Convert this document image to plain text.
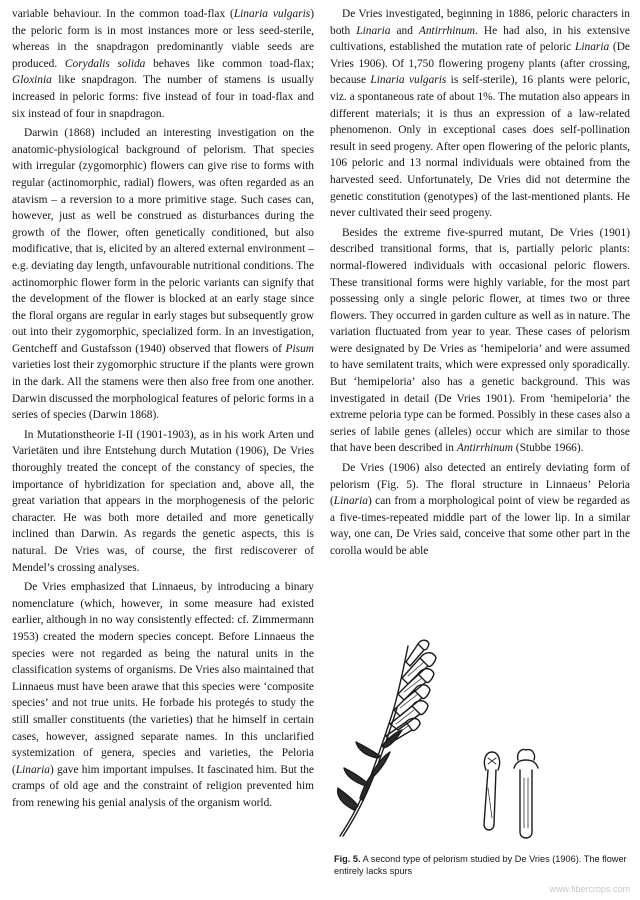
variable behaviour. In the common toad-flax (Linaria vulgaris) the peloric form is in most instances more or less seed-sterile, whereas in the snapdragon predominantly viable seeds are produced. Corydalis solida behaves like common toad-flax; Gloxinia like snapdragon. The number of stamens is usually increased in peloric forms: five instead of four in toad-flax and six instead of four in snapdragon.

Darwin (1868) included an interesting investigation on the anatomic-physiological background of pelorism. That species with irregular (zygomorphic) flowers can give rise to forms with regular (actinomorphic, radial) flowers, was often regarded as an atavism – a reversion to a more primitive stage. Such cases can, however, just as well be construed as disturbances during the growth of the flower, often genetically conditioned, but also modificative, that is, elicited by an altered external environment – e.g. deviating day length, unfavourable nutritional conditions. The actinomorphic flower form in the peloric variants can signify that the development of the flower is blocked at an early stage since the floral organs are regular in early stages but subsequently grow out into their zygomorphic, specialized form. In an investigation, Gentcheff and Gustafsson (1940) observed that flowers of Pisum varieties lost their zygomorphic structure if the plants were grown in the dark. All the stamens were then also free from one another. Darwin discussed the morphological features of peloric forms in a series of species (Darwin 1868).

In Mutationstheorie I-II (1901-1903), as in his work Arten und Varietäten und ihre Entstehung durch Mutation (1906), De Vries thoroughly treated the concept of the constancy of species, the importance of hybridization for speciation and, above all, the great variation that appears in the morphogenesis of the peloric character. He was both more detailed and more genetically inclined than Darwin. As regards the genetic aspects, this is natural. De Vries was, of course, the first rediscoverer of Mendel’s crossing analyses.

De Vries emphasized that Linnaeus, by introducing a binary nomenclature (which, however, in some measure had existed earlier, although in no way consistently effected: cf. Zimmermann 1953) created the modern species concept. Before Linnaeus the species were not regarded as being the natural units in the classification systems of organisms. De Vries also maintained that Linnaeus must have been arawe that this species were ‘composite species’ and not true units. He forbade his protegés to study the still smaller constituents (the varieties) that he himself in certain cases, however, assigned separate names. In this unclarified systemization of genera, species and varieties, the Peloria (Linaria) gave him important impulses. It fascinated him. But the cramps of old age and the constraint of religion prevented him from renewing his genial analysis of the organism world.

De Vries investigated, beginning in 1886, peloric characters in both Linaria and Antirrhinum. He had also, in his extensive cultivations, established the mutation rate of peloric Linaria (De Vries 1906). Of 1,750 flowering progeny plants (after crossing, because Linaria vulgaris is self-sterile), 16 plants were peloric, viz. a spontaneous rate of about 1%. The mutation also appears in different materials; it is thus an expression of a law-related phenomenon. Only in exceptional cases does self-pollination result in seed progeny. After open flowering of the peloric plants, 106 peloric and 13 normal individuals were obtained from the harvested seed. Unfortunately, De Vries did not determine the genetic constitution (genotypes) of the last-mentioned plants. He never cultivated their seed progeny.

Besides the extreme five-spurred mutant, De Vries (1901) described transitional forms, that is, partially peloric plants: normal-flowered individuals with occasional peloric flowers. These transitional forms were highly variable, for the most part possessing only a single peloric flower, at times two or three flowers. They occurred in garden culture as well as in nature. The variation fluctuated from year to year. These cases of pelorism were designated by De Vries as ‘hemipeloria’ and were assumed to have semilatent traits, which were expressed only sporadically. But ‘hemipeloria’ also has a genetic background. This was investigated in detail (De Vries 1901). From ‘hemipeloria’ the extreme peloria type can be formed. Possibly in these cases also a series of labile genes (alleles) occur which are similar to those that have been described in Antirrhinum (Stubbe 1966).

De Vries (1906) also detected an entirely deviating form of pelorism (Fig. 5). The floral structure in Linnaeus’ Peloria (Linaria) can from a morphological point of view be regarded as a five-times-repeated middle part of the lower lip. In a similar way, one can, De Vries said, conceive that some other part in the corolla would be able

Fig. 5. A second type of pelorism studied by De Vries (1906). The flower entirely lacks spurs
www.fibercrops.com
